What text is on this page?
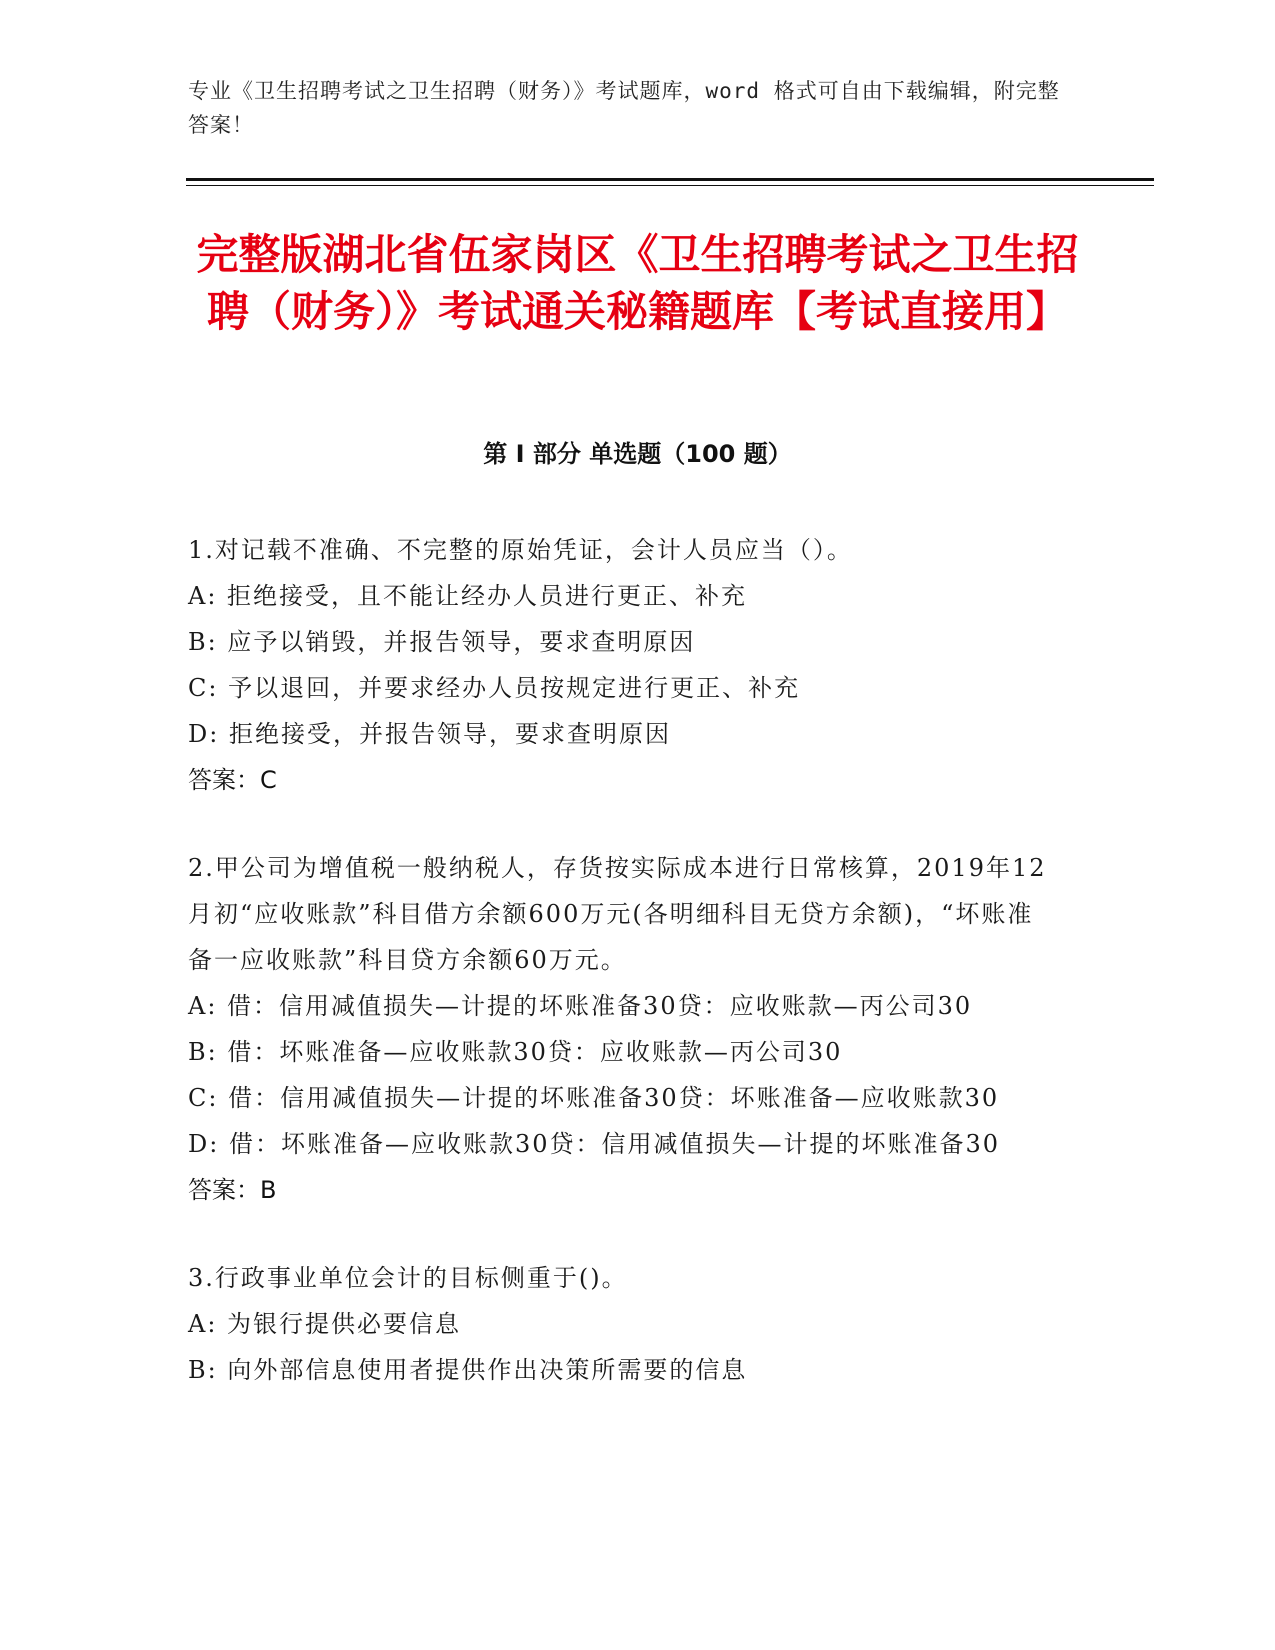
专业《卫生招聘考试之卫生招聘（财务）》考试题库，word 格式可自由下载编辑，附完整答案！
完整版湖北省伍家岗区《卫生招聘考试之卫生招聘（财务）》考试通关秘籍题库【考试直接用】
第 I 部分 单选题（100 题）
1.对记载不准确、不完整的原始凭证，会计人员应当（）。
A: 拒绝接受，且不能让经办人员进行更正、补充
B: 应予以销毁，并报告领导，要求查明原因
C: 予以退回，并要求经办人员按规定进行更正、补充
D: 拒绝接受，并报告领导，要求查明原因
答案：C
2.甲公司为增值税一般纳税人，存货按实际成本进行日常核算，2019年12月初“应收账款”科目借方余额600万元(各明细科目无贷方余额)，“坏账准备一应收账款”科目贷方余额60万元。
A: 借：信用减值损失—计提的坏账准备30贷：应收账款—丙公司30
B: 借：坏账准备—应收账款30贷：应收账款—丙公司30
C: 借：信用减值损失—计提的坏账准备30贷：坏账准备—应收账款30
D: 借：坏账准备—应收账款30贷：信用减值损失—计提的坏账准备30
答案：B
3.行政事业单位会计的目标侧重于()。
A: 为银行提供必要信息
B: 向外部信息使用者提供作出决策所需要的信息
